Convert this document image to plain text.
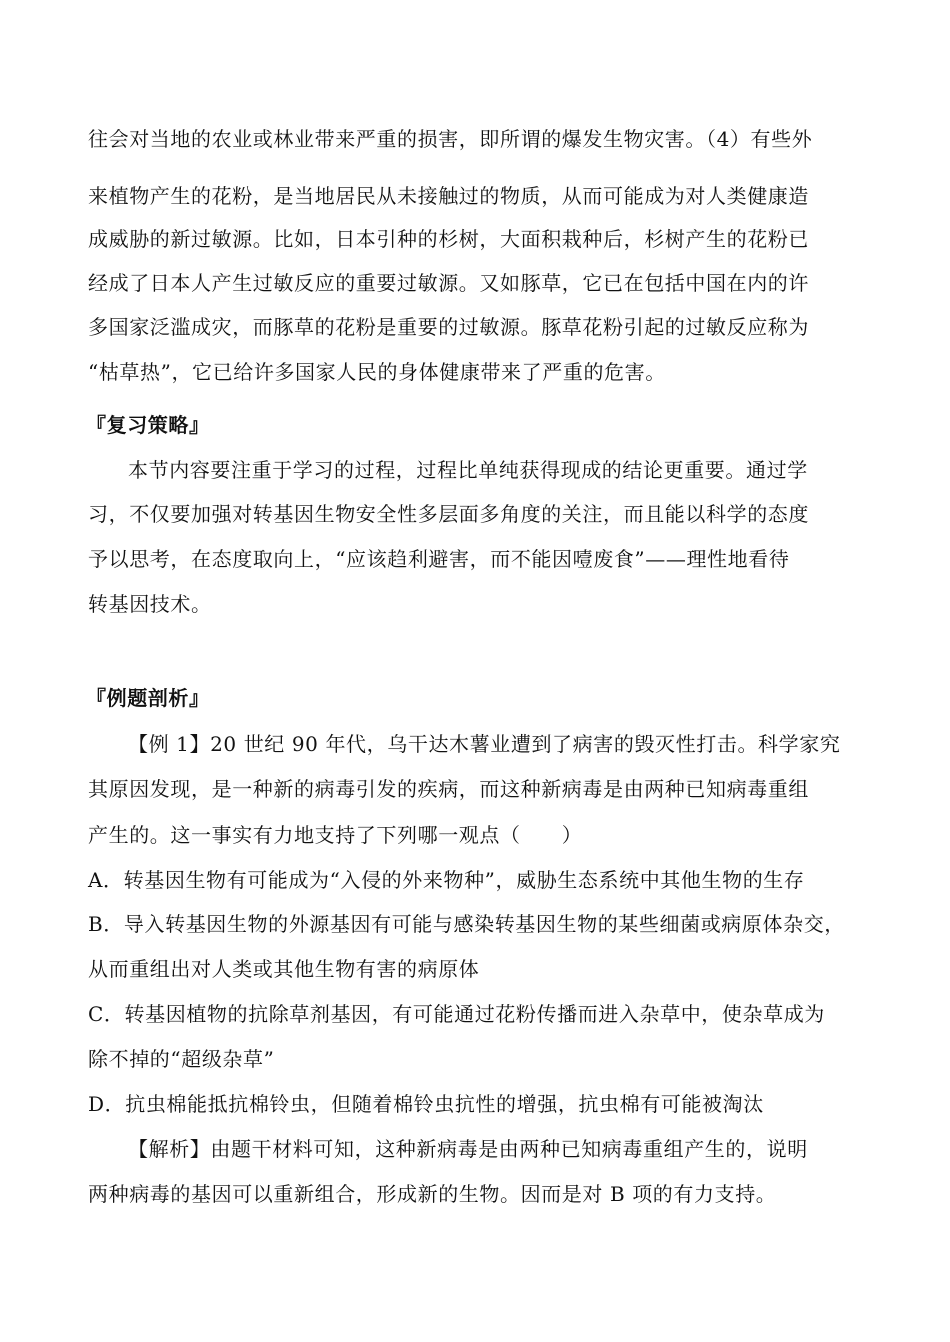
往会对当地的农业或林业带来严重的损害，即所谓的爆发生物灾害。（4）有些外
来植物产生的花粉，是当地居民从未接触过的物质，从而可能成为对人类健康造
成威胁的新过敏源。比如，日本引种的杉树，大面积栽种后，杉树产生的花粉已
经成了日本人产生过敏反应的重要过敏源。又如豚草，它已在包括中国在内的许
多国家泛滥成灾，而豚草的花粉是重要的过敏源。豚草花粉引起的过敏反应称为
“枯草热”，它已给许多国家人民的身体健康带来了严重的危害。
『复习策略』
本节内容要注重于学习的过程，过程比单纯获得现成的结论更重要。通过学
习，不仅要加强对转基因生物安全性多层面多角度的关注，而且能以科学的态度
予以思考，在态度取向上，“应该趋利避害，而不能因噎废食”——理性地看待
转基因技术。
『例题剖析』
【例 1】20 世纪 90 年代，乌干达木薯业遭到了病害的毁灭性打击。科学家究
其原因发现，是一种新的病毒引发的疾病，而这种新病毒是由两种已知病毒重组
产生的。这一事实有力地支持了下列哪一观点（　　）
A．转基因生物有可能成为“入侵的外来物种”，威胁生态系统中其他生物的生存
B．导入转基因生物的外源基因有可能与感染转基因生物的某些细菌或病原体杂交，
从而重组出对人类或其他生物有害的病原体
C．转基因植物的抗除草剂基因，有可能通过花粉传播而进入杂草中，使杂草成为
除不掉的“超级杂草”
D．抗虫棉能抵抗棉铃虫，但随着棉铃虫抗性的增强，抗虫棉有可能被淘汰
【解析】由题干材料可知，这种新病毒是由两种已知病毒重组产生的，说明
两种病毒的基因可以重新组合，形成新的生物。因而是对 B 项的有力支持。
